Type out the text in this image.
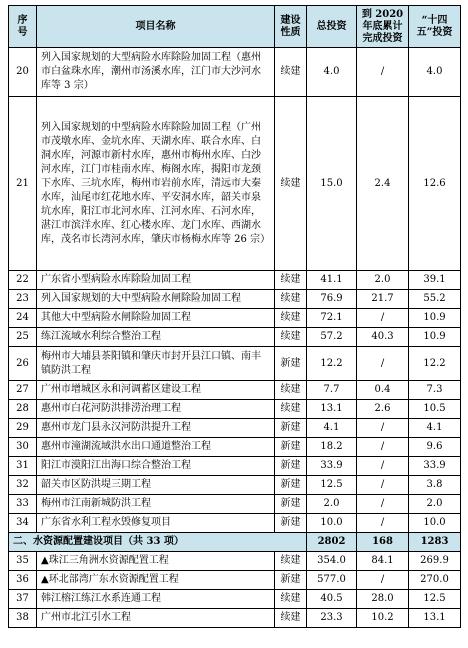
序号	项目名称	建设性质	总投资	到 2020 年底累计完成投资	“十四五”投资
20	列入国家规划的大型病险水库除险加固工程（惠州市白盆珠水库，潮州市汤溪水库，江门市大沙河水库等 3 宗）	续建	4.0	/	4.0
21	列入国家规划的中型病险水库除险加固工程（广州市茂墩水库、金坑水库、天湖水库、联合水库、白洞水库，河源市新村水库，惠州市梅州水库、白沙河水库，江门市桂南水库、梅阁水库，揭阳市龙颈下水库、三坑水库，梅州市岩前水库，清远市大秦水库，汕尾市红花地水库、平安洞水库，韶关市泉坑水库，阳江市北河水库、江河水库、石河水库，湛江市滨洋水库、红心楼水库、龙门水库、西湖水库，茂名市长湾河水库，肇庆市杨梅水库等 26 宗）	续建	15.0	2.4	12.6
22	广东省小型病险水库除险加固工程	续建	41.1	2.0	39.1
23	列入国家规划的大中型病险水闸除险加固工程	续建	76.9	21.7	55.2
24	其他大中型病险水闸除险加固工程	续建	72.1	/	10.9
25	练江流域水利综合整治工程	续建	57.2	40.3	10.9
26	梅州市大埔县茶阳镇和肇庆市封开县江口镇、南丰镇防洪工程	新建	12.2	/	12.2
27	广州市增城区永和河调蓄区建设工程	续建	7.7	0.4	7.3
28	惠州市白花河防洪排涝治理工程	续建	13.1	2.6	10.5
29	惠州市龙门县永汉河防洪提升工程	新建	4.1	/	4.1
30	惠州市潼湖流域洪水出口通道整治工程	新建	18.2	/	9.6
31	阳江市漠阳江出海口综合整治工程	新建	33.9	/	33.9
32	韶关市区防洪堤三期工程	新建	12.5	/	3.8
33	梅州市江南新城防洪工程	新建	2.0	/	2.0
34	广东省水利工程水毁修复项目	新建	10.0	/	10.0
二、水资源配置建设项目（共 33 项）			2802	168	1283
35	▲珠江三角洲水资源配置工程	续建	354.0	84.1	269.9
36	▲环北部湾广东水资源配置工程	新建	577.0	/	270.0
37	韩江榕江练江水系连通工程	续建	40.5	28.0	12.5
38	广州市北江引水工程	续建	23.3	10.2	13.1
